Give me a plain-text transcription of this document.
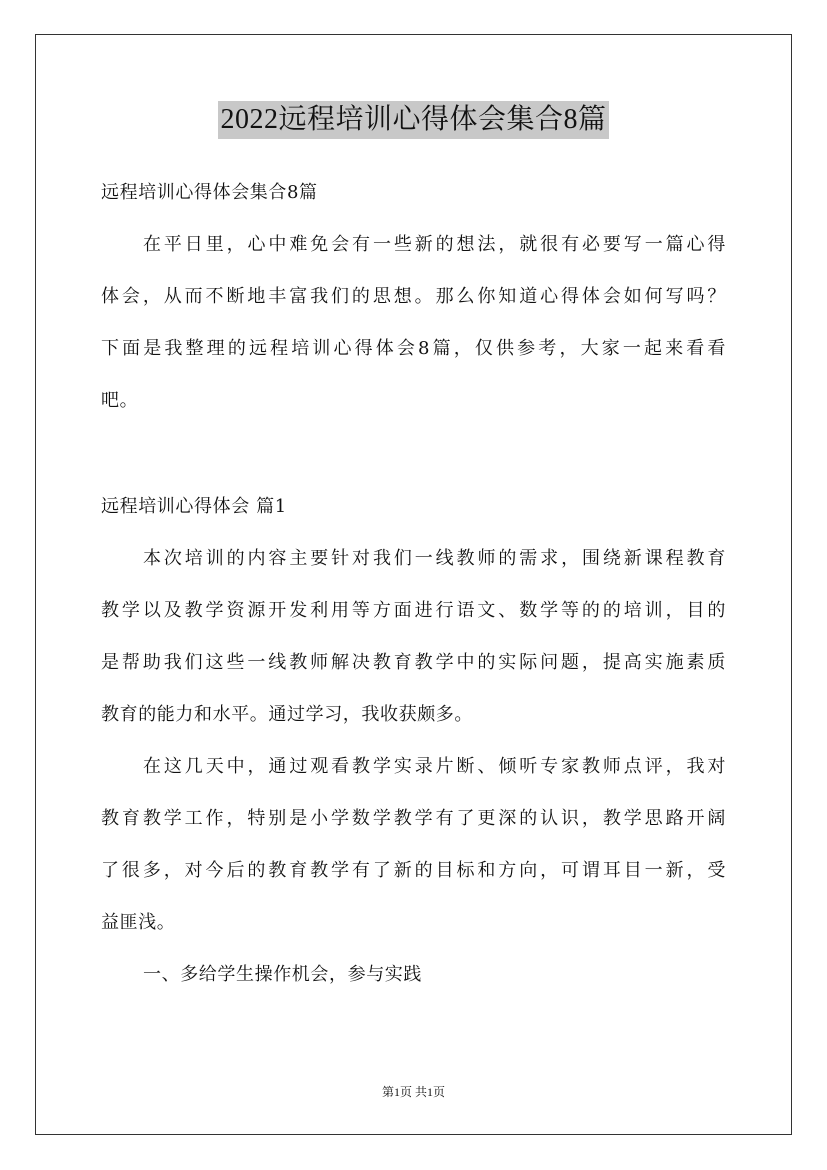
2022远程培训心得体会集合8篇
远程培训心得体会集合8篇
在平日里，心中难免会有一些新的想法，就很有必要写一篇心得
体会，从而不断地丰富我们的思想。那么你知道心得体会如何写吗？
下面是我整理的远程培训心得体会8篇，仅供参考，大家一起来看看
吧。
远程培训心得体会 篇1
本次培训的内容主要针对我们一线教师的需求，围绕新课程教育
教学以及教学资源开发利用等方面进行语文、数学等的的培训，目的
是帮助我们这些一线教师解决教育教学中的实际问题，提高实施素质
教育的能力和水平。通过学习，我收获颇多。
在这几天中，通过观看教学实录片断、倾听专家教师点评，我对
教育教学工作，特别是小学数学教学有了更深的认识，教学思路开阔
了很多，对今后的教育教学有了新的目标和方向，可谓耳目一新，受
益匪浅。
一、多给学生操作机会，参与实践
第1页 共1页
